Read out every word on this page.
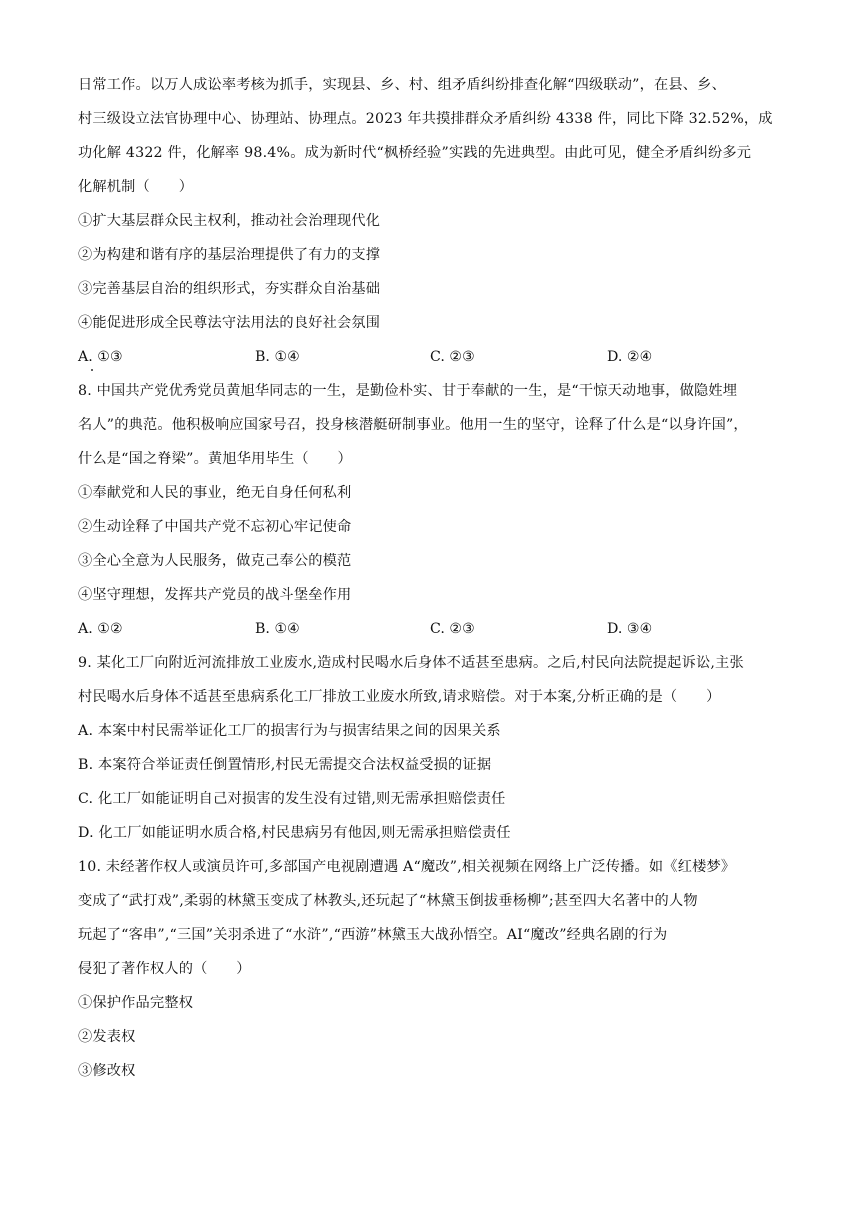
日常工作。以万人成讼率考核为抓手，实现县、乡、村、组矛盾纠纷排查化解“四级联动”，在县、乡、
村三级设立法官协理中心、协理站、协理点。2023 年共摸排群众矛盾纠纷 4338 件，同比下降 32.52%，成
功化解 4322 件，化解率 98.4%。成为新时代“枫桥经验”实践的先进典型。由此可见，健全矛盾纠纷多元
化解机制（　　）
①扩大基层群众民主权利，推动社会治理现代化
②为构建和谐有序的基层治理提供了有力的支撑
③完善基层自治的组织形式，夯实群众自治基础
④能促进形成全民尊法守法用法的良好社会氛围
A. ①③	B. ①④	C. ②③	D. ②④
8. 中国共产党优秀党员黄旭华同志的一生，是勤俭朴实、甘于奉献的一生，是“干惊天动地事，做隐姓埋
名人”的典范。他积极响应国家号召，投身核潜艇研制事业。他用一生的坚守，诠释了什么是“以身许国”，
什么是“国之脊梁”。黄旭华用毕生（　　）
①奉献党和人民的事业，绝无自身任何私利
②生动诠释了中国共产党不忘初心牢记使命
③全心全意为人民服务，做克己奉公的模范
④坚守理想，发挥共产党员的战斗堡垒作用
A. ①②	B. ①④	C. ②③	D. ③④
9. 某化工厂向附近河流排放工业废水,造成村民喝水后身体不适甚至患病。之后,村民向法院提起诉讼,主张
村民喝水后身体不适甚至患病系化工厂排放工业废水所致,请求赔偿。对于本案,分析正确的是（　　）
A. 本案中村民需举证化工厂的损害行为与损害结果之间的因果关系
B. 本案符合举证责任倒置情形,村民无需提交合法权益受损的证据
C. 化工厂如能证明自己对损害的发生没有过错,则无需承担赔偿责任
D. 化工厂如能证明水质合格,村民患病另有他因,则无需承担赔偿责任
10. 未经著作权人或演员许可,多部国产电视剧遭遇 A“魔改”,相关视频在网络上广泛传播。如《红楼梦》
变成了“武打戏”,柔弱的林黛玉变成了林教头,还玩起了“林黛玉倒拔垂杨柳”;甚至四大名著中的人物
玩起了“客串”,“三国”关羽杀进了“水浒”,“西游”林黛玉大战孙悟空。AI“魔改”经典名剧的行为
侵犯了著作权人的（　　）
①保护作品完整权
②发表权
③修改权
